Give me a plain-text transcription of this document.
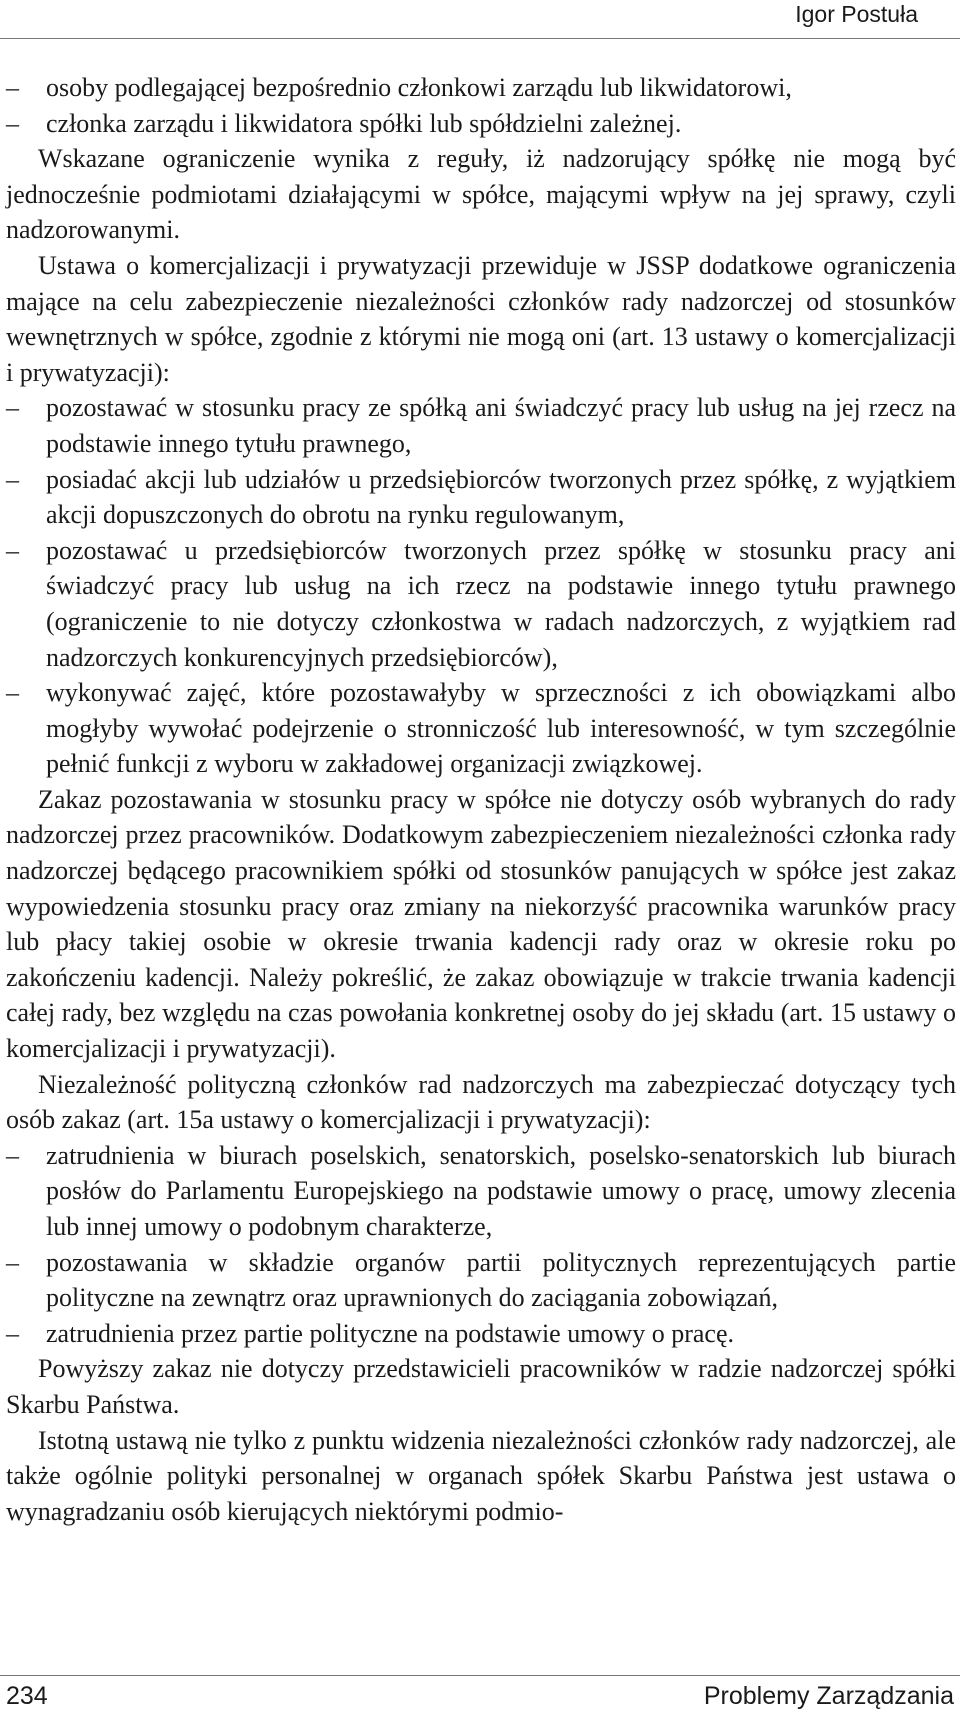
Igor Postuła
–	osoby podlegającej bezpośrednio członkowi zarządu lub likwidatorowi,
–	członka zarządu i likwidatora spółki lub spółdzielni zależnej.

Wskazane ograniczenie wynika z reguły, iż nadzorujący spółkę nie mogą być jednocześnie podmiotami działającymi w spółce, mającymi wpływ na jej sprawy, czyli nadzorowanymi.

Ustawa o komercjalizacji i prywatyzacji przewiduje w JSSP dodatkowe ograniczenia mające na celu zabezpieczenie niezależności członków rady nadzorczej od stosunków wewnętrznych w spółce, zgodnie z którymi nie mogą oni (art. 13 ustawy o komercjalizacji i prywatyzacji):

–	pozostawać w stosunku pracy ze spółką ani świadczyć pracy lub usług na jej rzecz na podstawie innego tytułu prawnego,
–	posiadać akcji lub udziałów u przedsiębiorców tworzonych przez spółkę, z wyjątkiem akcji dopuszczonych do obrotu na rynku regulowanym,
–	pozostawać u przedsiębiorców tworzonych przez spółkę w stosunku pracy ani świadczyć pracy lub usług na ich rzecz na podstawie innego tytułu prawnego (ograniczenie to nie dotyczy członkostwa w radach nadzorczych, z wyjątkiem rad nadzorczych konkurencyjnych przedsiębiorców),
–	wykonywać zajęć, które pozostawałyby w sprzeczności z ich obowiązkami albo mogłyby wywołać podejrzenie o stronniczość lub interesowność, w tym szczególnie pełnić funkcji z wyboru w zakładowej organizacji związkowej.

Zakaz pozostawania w stosunku pracy w spółce nie dotyczy osób wybranych do rady nadzorczej przez pracowników. Dodatkowym zabezpieczeniem niezależności członka rady nadzorczej będącego pracownikiem spółki od stosunków panujących w spółce jest zakaz wypowiedzenia stosunku pracy oraz zmiany na niekorzyść pracownika warunków pracy lub płacy takiej osobie w okresie trwania kadencji rady oraz w okresie roku po zakończeniu kadencji. Należy pokreślić, że zakaz obowiązuje w trakcie trwania kadencji całej rady, bez względu na czas powołania konkretnej osoby do jej składu (art. 15 ustawy o komercjalizacji i prywatyzacji).

Niezależność polityczną członków rad nadzorczych ma zabezpieczać dotyczący tych osób zakaz (art. 15a ustawy o komercjalizacji i prywatyzacji):

–	zatrudnienia w biurach poselskich, senatorskich, poselsko-senatorskich lub biurach posłów do Parlamentu Europejskiego na podstawie umowy o pracę, umowy zlecenia lub innej umowy o podobnym charakterze,
–	pozostawania w składzie organów partii politycznych reprezentujących partie polityczne na zewnątrz oraz uprawnionych do zaciągania zobowiązań,
–	zatrudnienia przez partie polityczne na podstawie umowy o pracę.

Powyższy zakaz nie dotyczy przedstawicieli pracowników w radzie nadzorczej spółki Skarbu Państwa.

Istotną ustawą nie tylko z punktu widzenia niezależności członków rady nadzorczej, ale także ogólnie polityki personalnej w organach spółek Skarbu Państwa jest ustawa o wynagradzaniu osób kierujących niektórymi podmio-

234	Problemy Zarządzania
